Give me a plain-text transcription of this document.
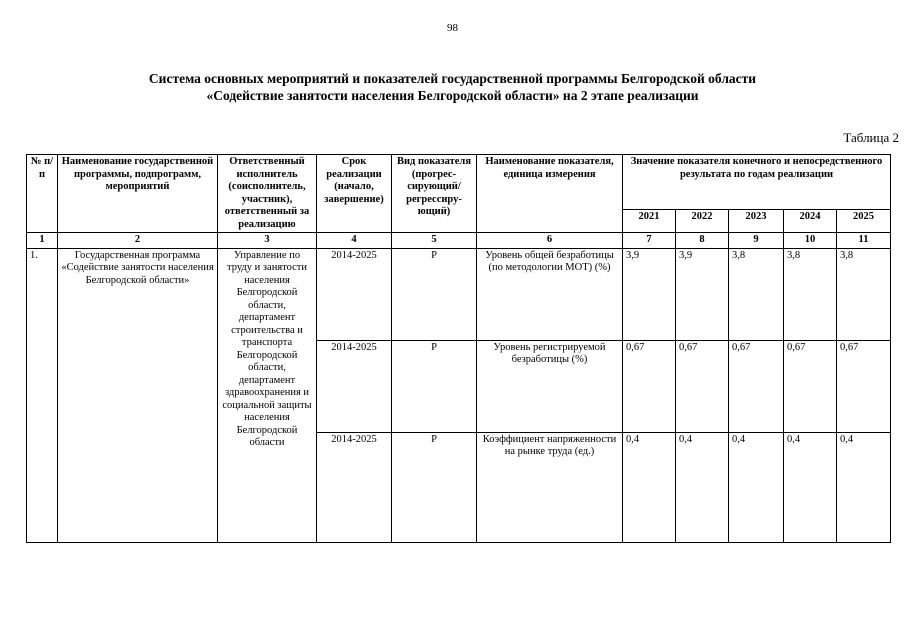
98
Система основных мероприятий и показателей государственной программы Белгородской области
«Содействие занятости населения Белгородской области» на 2 этапе реализации
Таблица 2
№ п/п	Наименование государственной программы, подпрограмм, мероприятий	Ответственный исполнитель (соисполнитель, участник), ответственный за реализацию	Срок реализации (начало, завершение)	Вид показателя (прогрес-сирующий/ регрессиру-ющий)	Наименование показателя, единица измерения	Значение показателя конечного и непосредственного результата по годам реализации				
						2021	2022	2023	2024	2025
1	2	3	4	5	6	7	8	9	10	11
1.	Государственная программа «Содействие занятости населения Белгородской области»	Управление по труду и занятости населения Белгородской области, департамент строительства и транспорта Белгородской области, департамент здравоохранения и социальной защиты населения Белгородской области	2014-2025	Р	Уровень общей безработицы (по методологии МОТ) (%)	3,9	3,9	3,8	3,8	3,8
			2014-2025	Р	Уровень регистрируемой безработицы (%)	0,67	0,67	0,67	0,67	0,67
			2014-2025	Р	Коэффициент напряженности на рынке труда (ед.)	0,4	0,4	0,4	0,4	0,4
